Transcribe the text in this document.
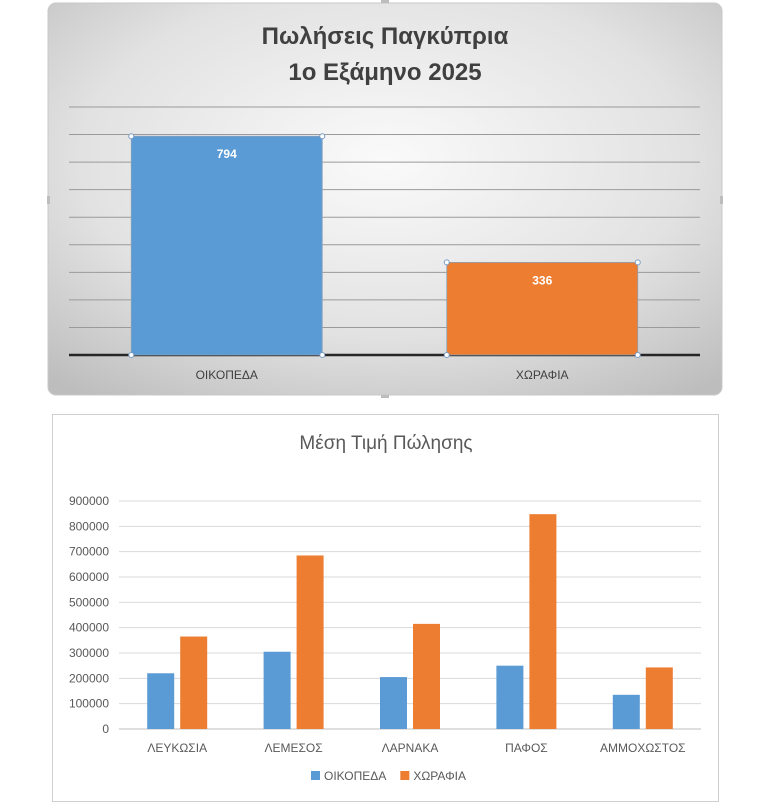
794
336
Πωλήσεις Παγκύπρια
1ο Εξάμηνο 2025
ΟΙΚΟΠΕΔΑ	ΧΩΡΑΦΙΑ
Μέση Τιμή Πώλησης
0
100000
200000
300000
400000
500000
600000
700000
800000
900000
ΛΕΥΚΩΣΙΑ	ΛΕΜΕΣΟΣ	ΛΑΡΝΑΚΑ	ΠΑΦΟΣ	ΑΜΜΟΧΩΣΤΟΣ
ΟΙΚΟΠΕΔΑ ΧΩΡΑΦΙΑ
